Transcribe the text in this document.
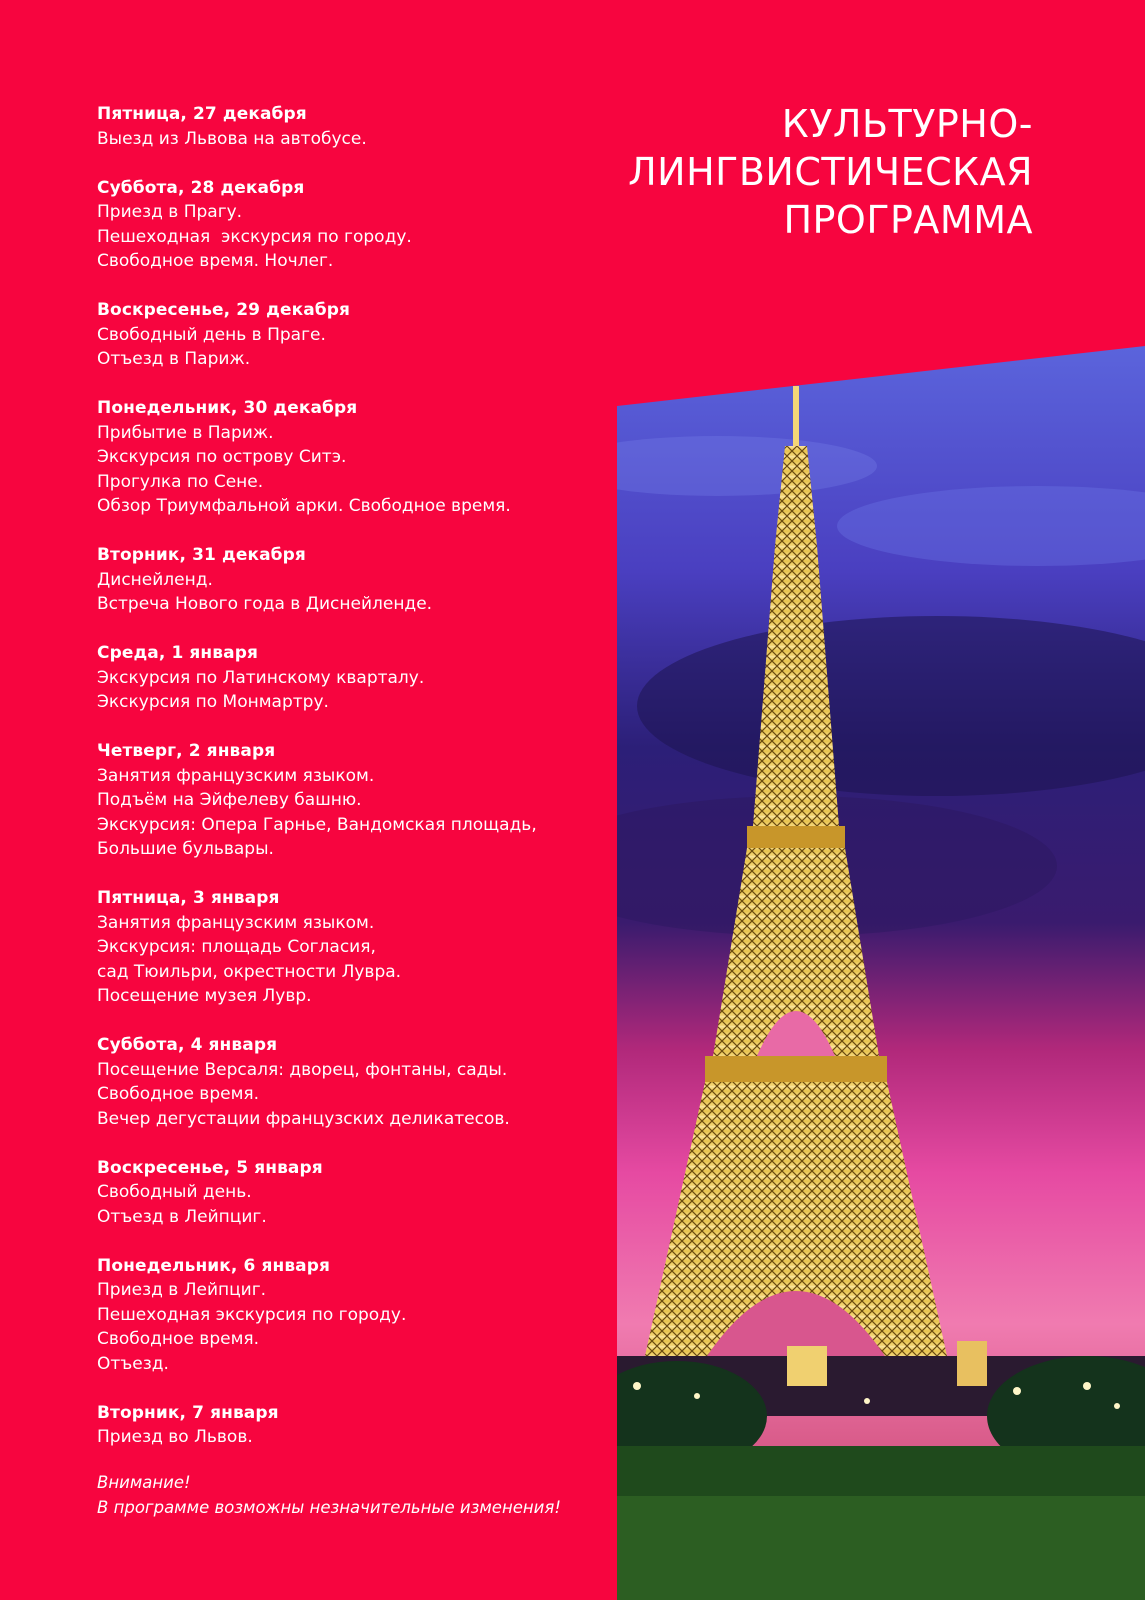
Пятница, 27 декабря
Выезд из Львова на автобусе.
Суббота, 28 декабря
Приезд в Прагу.
Пешеходная  экскурсия по городу.
Свободное время. Ночлег.
Воскресенье, 29 декабря
Свободный день в Праге.
Отъезд в Париж.
Понедельник, 30 декабря
Прибытие в Париж.
Экскурсия по острову Ситэ.
Прогулка по Сене.
Обзор Триумфальной арки. Свободное время.
Вторник, 31 декабря
Диснейленд.
Встреча Нового года в Диснейленде.
Среда, 1 января
Экскурсия по Латинскому кварталу.
Экскурсия по Монмартру.
Четверг, 2 января
Занятия французским языком.
Подъём на Эйфелеву башню.
Экскурсия: Опера Гарнье, Вандомская площадь,
Большие бульвары.
Пятница, 3 января
Занятия французским языком.
Экскурсия: площадь Согласия,
сад Тюильри, окрестности Лувра.
Посещение музея Лувр.
Суббота, 4 января
Посещение Версаля: дворец, фонтаны, сады.
Свободное время.
Вечер дегустации французских деликатесов.
Воскресенье, 5 января
Свободный день.
Отъезд в Лейпциг.
Понедельник, 6 января
Приезд в Лейпциг.
Пешеходная экскурсия по городу.
Свободное время.
Отъезд.
Вторник, 7 января
Приезд во Львов.
Внимание!
В программе возможны незначительные изменения!
КУЛЬТУРНО-
ЛИНГВИСТИЧЕСКАЯ
ПРОГРАММА
